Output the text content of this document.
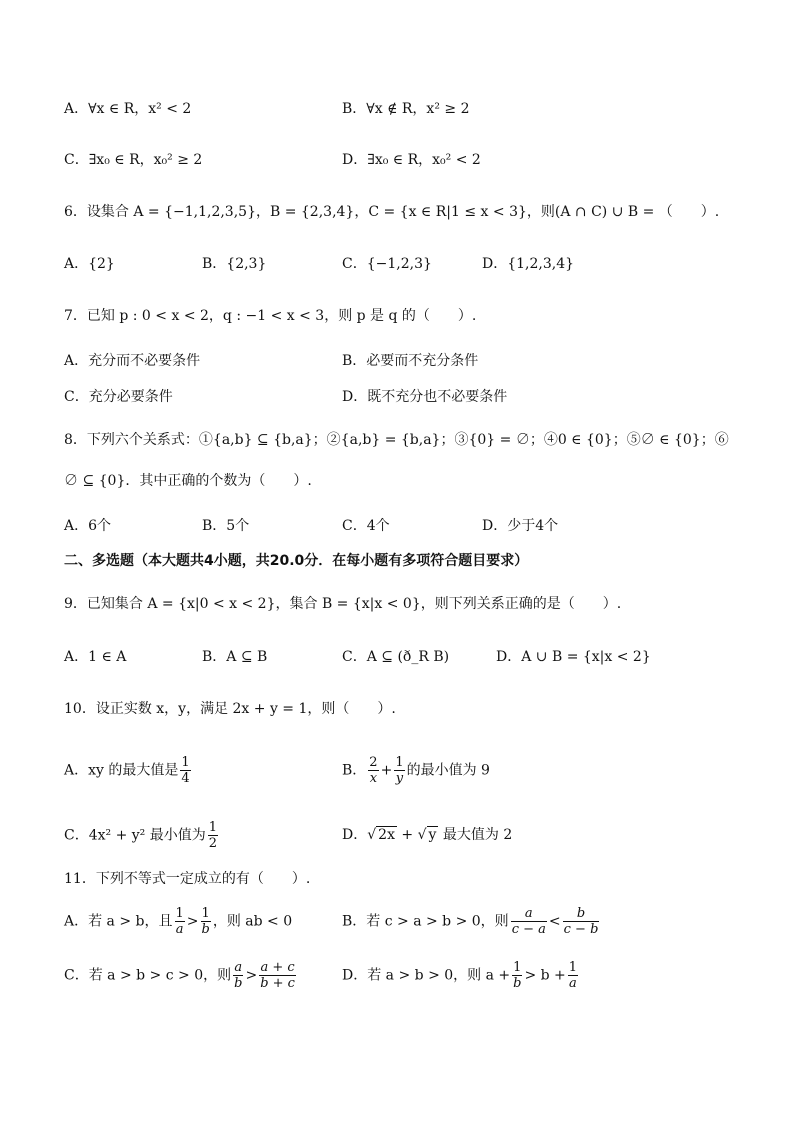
A．∀x ∈ R，x² < 2	B．∀x ∉ R，x² ≥ 2
C．∃x₀ ∈ R，x₀² ≥ 2	D．∃x₀ ∈ R，x₀² < 2
6．设集合 A = {−1,1,2,3,5}，B = {2,3,4}，C = {x ∈ R|1 ≤ x < 3}，则(A ∩ C) ∪ B = （　　）.
A．{2}	B．{2,3}	C．{−1,2,3}	D．{1,2,3,4}
7．已知 p : 0 < x < 2，q : −1 < x < 3，则 p 是 q 的（　　）.
A．充分而不必要条件	B．必要而不充分条件
C．充分必要条件	D．既不充分也不必要条件
8．下列六个关系式：①{a,b} ⊆ {b,a}；②{a,b} = {b,a}；③{0} = ∅；④0 ∈ {0}；⑤∅ ∈ {0}；⑥
∅ ⊆ {0}．其中正确的个数为（　　）.
A．6个	B．5个	C．4个	D．少于4个
二、多选题（本大题共4小题，共20.0分．在每小题有多项符合题目要求）
9．已知集合 A = {x|0 < x < 2}，集合 B = {x|x < 0}，则下列关系正确的是（　　）.
A．1 ∈ A	B．A ⊆ B	C．A ⊆ (ð_R B)	D．A ∪ B = {x|x < 2}
10．设正实数 x，y，满足 2x + y = 1，则（　　）.
A．xy 的最大值是 $\frac{1}{4}$	B． $\frac{2}{x} + \frac{1}{y}$ 的最小值为 9
C．4x² + y² 最小值为 $\frac{1}{2}$	D．√ 2x + √ y 最大值为 2
11．下列不等式一定成立的有（　　）.
A．若 a > b，且 $\frac{1}{a} > \frac{1}{b}$ ，则 ab < 0	B．若 c > a > b > 0，则 $\frac{a}{c - a} < \frac{b}{c - b}$
C．若 a > b > c > 0，则 $\frac{a}{b} > \frac{a + c}{b + c}$	D．若 a > b > 0，则 $a + \frac{1}{b} > b + \frac{1}{a}$
